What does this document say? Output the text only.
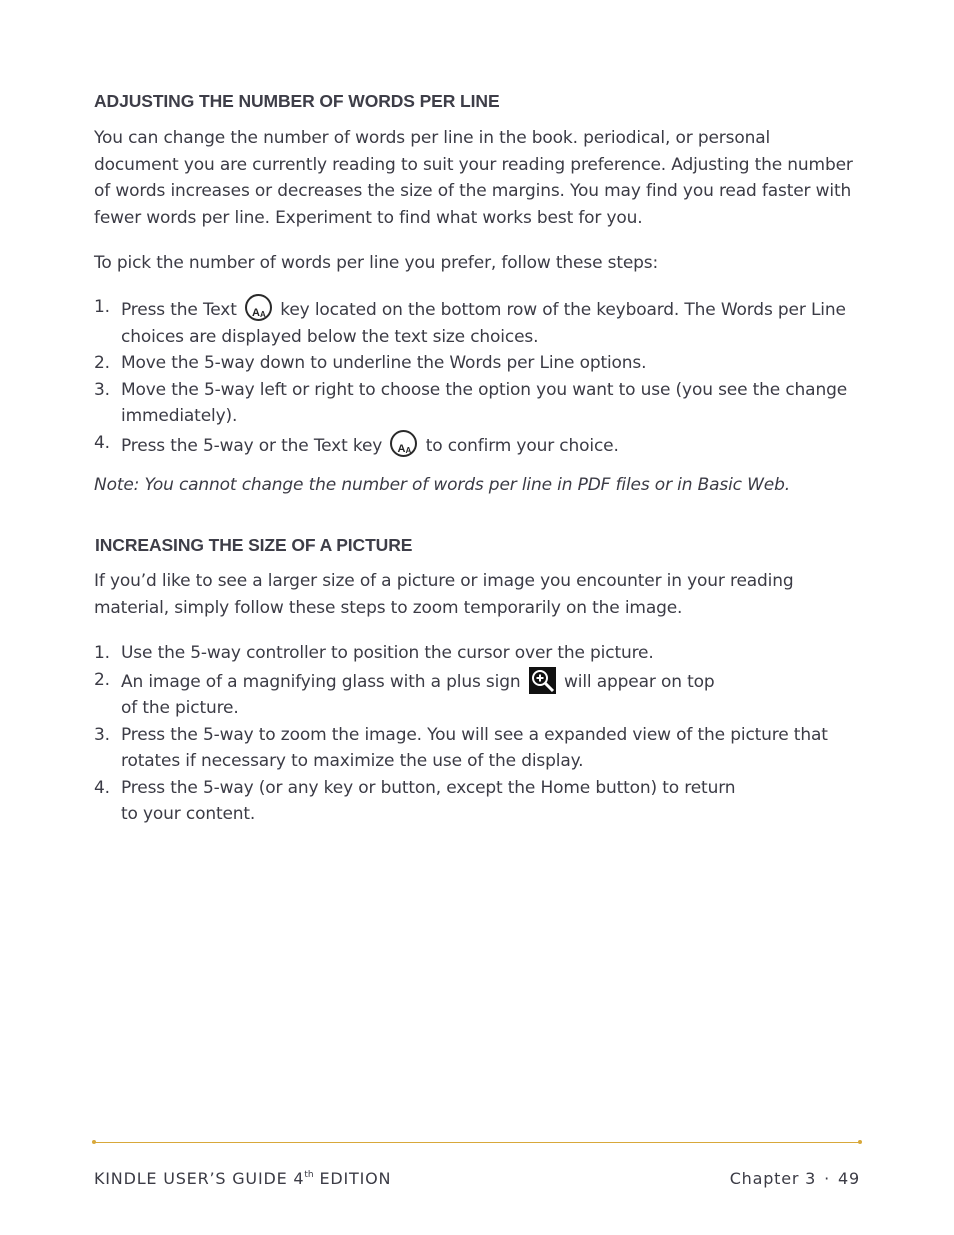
ADJUSTING THE NUMBER OF WORDS PER LINE

You can change the number of words per line in the book. periodical, or personal document you are currently reading to suit your reading preference. Adjusting the number of words increases or decreases the size of the margins. You may find you read faster with fewer words per line. Experiment to find what works best for you.

To pick the number of words per line you prefer, follow these steps:

1. Press the Text A A	key located on the bottom row of the keyboard. The Words per Line choices are displayed below the text size choices.
2. Move the 5-way down to underline the Words per Line options.
3. Move the 5-way left or right to choose the option you want to use (you see the change immediately).
4. Press the 5-way or the Text key A A	to confirm your choice.

Note: You cannot change the number of words per line in PDF files or in Basic Web.

INCREASING THE SIZE OF A PICTURE

If you’d like to see a larger size of a picture or image you encounter in your reading material, simply follow these steps to zoom temporarily on the image.

1. Use the 5-way controller to position the cursor over the picture.
2. An image of a magnifying glass with a plus sign	will appear on top
of the picture.
3. Press the 5-way to zoom the image. You will see a expanded view of the picture that rotates if necessary to maximize the use of the display.
4. Press the 5-way (or any key or button, except the Home button) to return
to your content.
KINDLE USER’S GUIDE 4th EDITION	Chapter 3 · 49
